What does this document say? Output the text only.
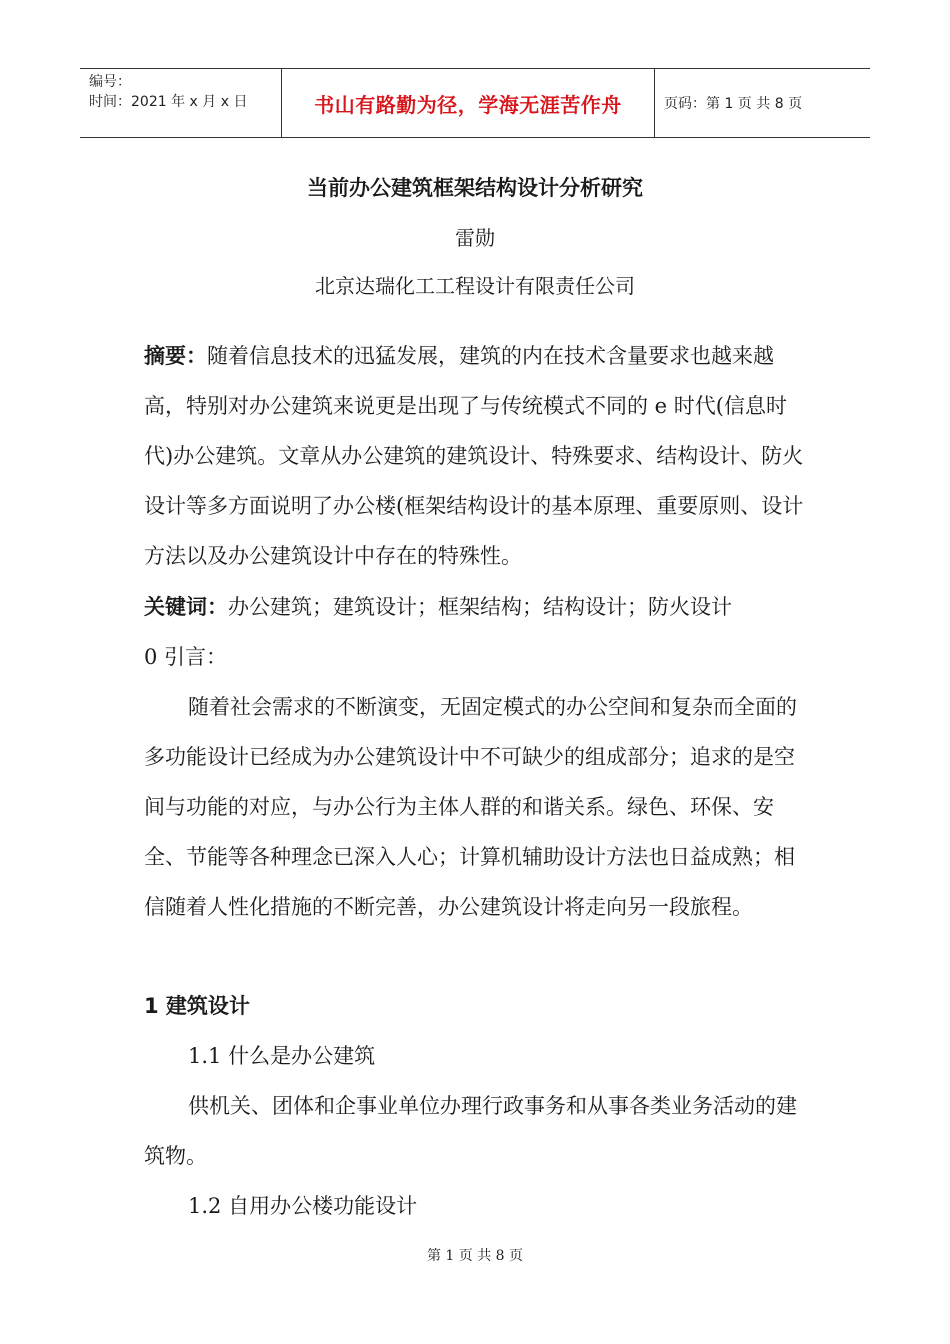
编号：
时间：2021 年 x 月 x 日	书山有路勤为径，学海无涯苦作舟	页码：第 1 页 共 8 页
当前办公建筑框架结构设计分析研究
雷勋
北京达瑞化工工程设计有限责任公司

摘要：随着信息技术的迅猛发展，建筑的内在技术含量要求也越来越高，特别对办公建筑来说更是出现了与传统模式不同的 e 时代(信息时代)办公建筑。文章从办公建筑的建筑设计、特殊要求、结构设计、防火设计等多方面说明了办公楼(框架结构设计的基本原理、重要原则、设计方法以及办公建筑设计中存在的特殊性。

关键词：办公建筑；建筑设计；框架结构；结构设计；防火设计

0 引言：

随着社会需求的不断演变，无固定模式的办公空间和复杂而全面的多功能设计已经成为办公建筑设计中不可缺少的组成部分；追求的是空间与功能的对应，与办公行为主体人群的和谐关系。绿色、环保、安全、节能等各种理念已深入人心；计算机辅助设计方法也日益成熟；相信随着人性化措施的不断完善，办公建筑设计将走向另一段旅程。

1 建筑设计

1.1 什么是办公建筑

供机关、团体和企事业单位办理行政事务和从事各类业务活动的建筑物。

1.2 自用办公楼功能设计

第 1 页 共 8 页
